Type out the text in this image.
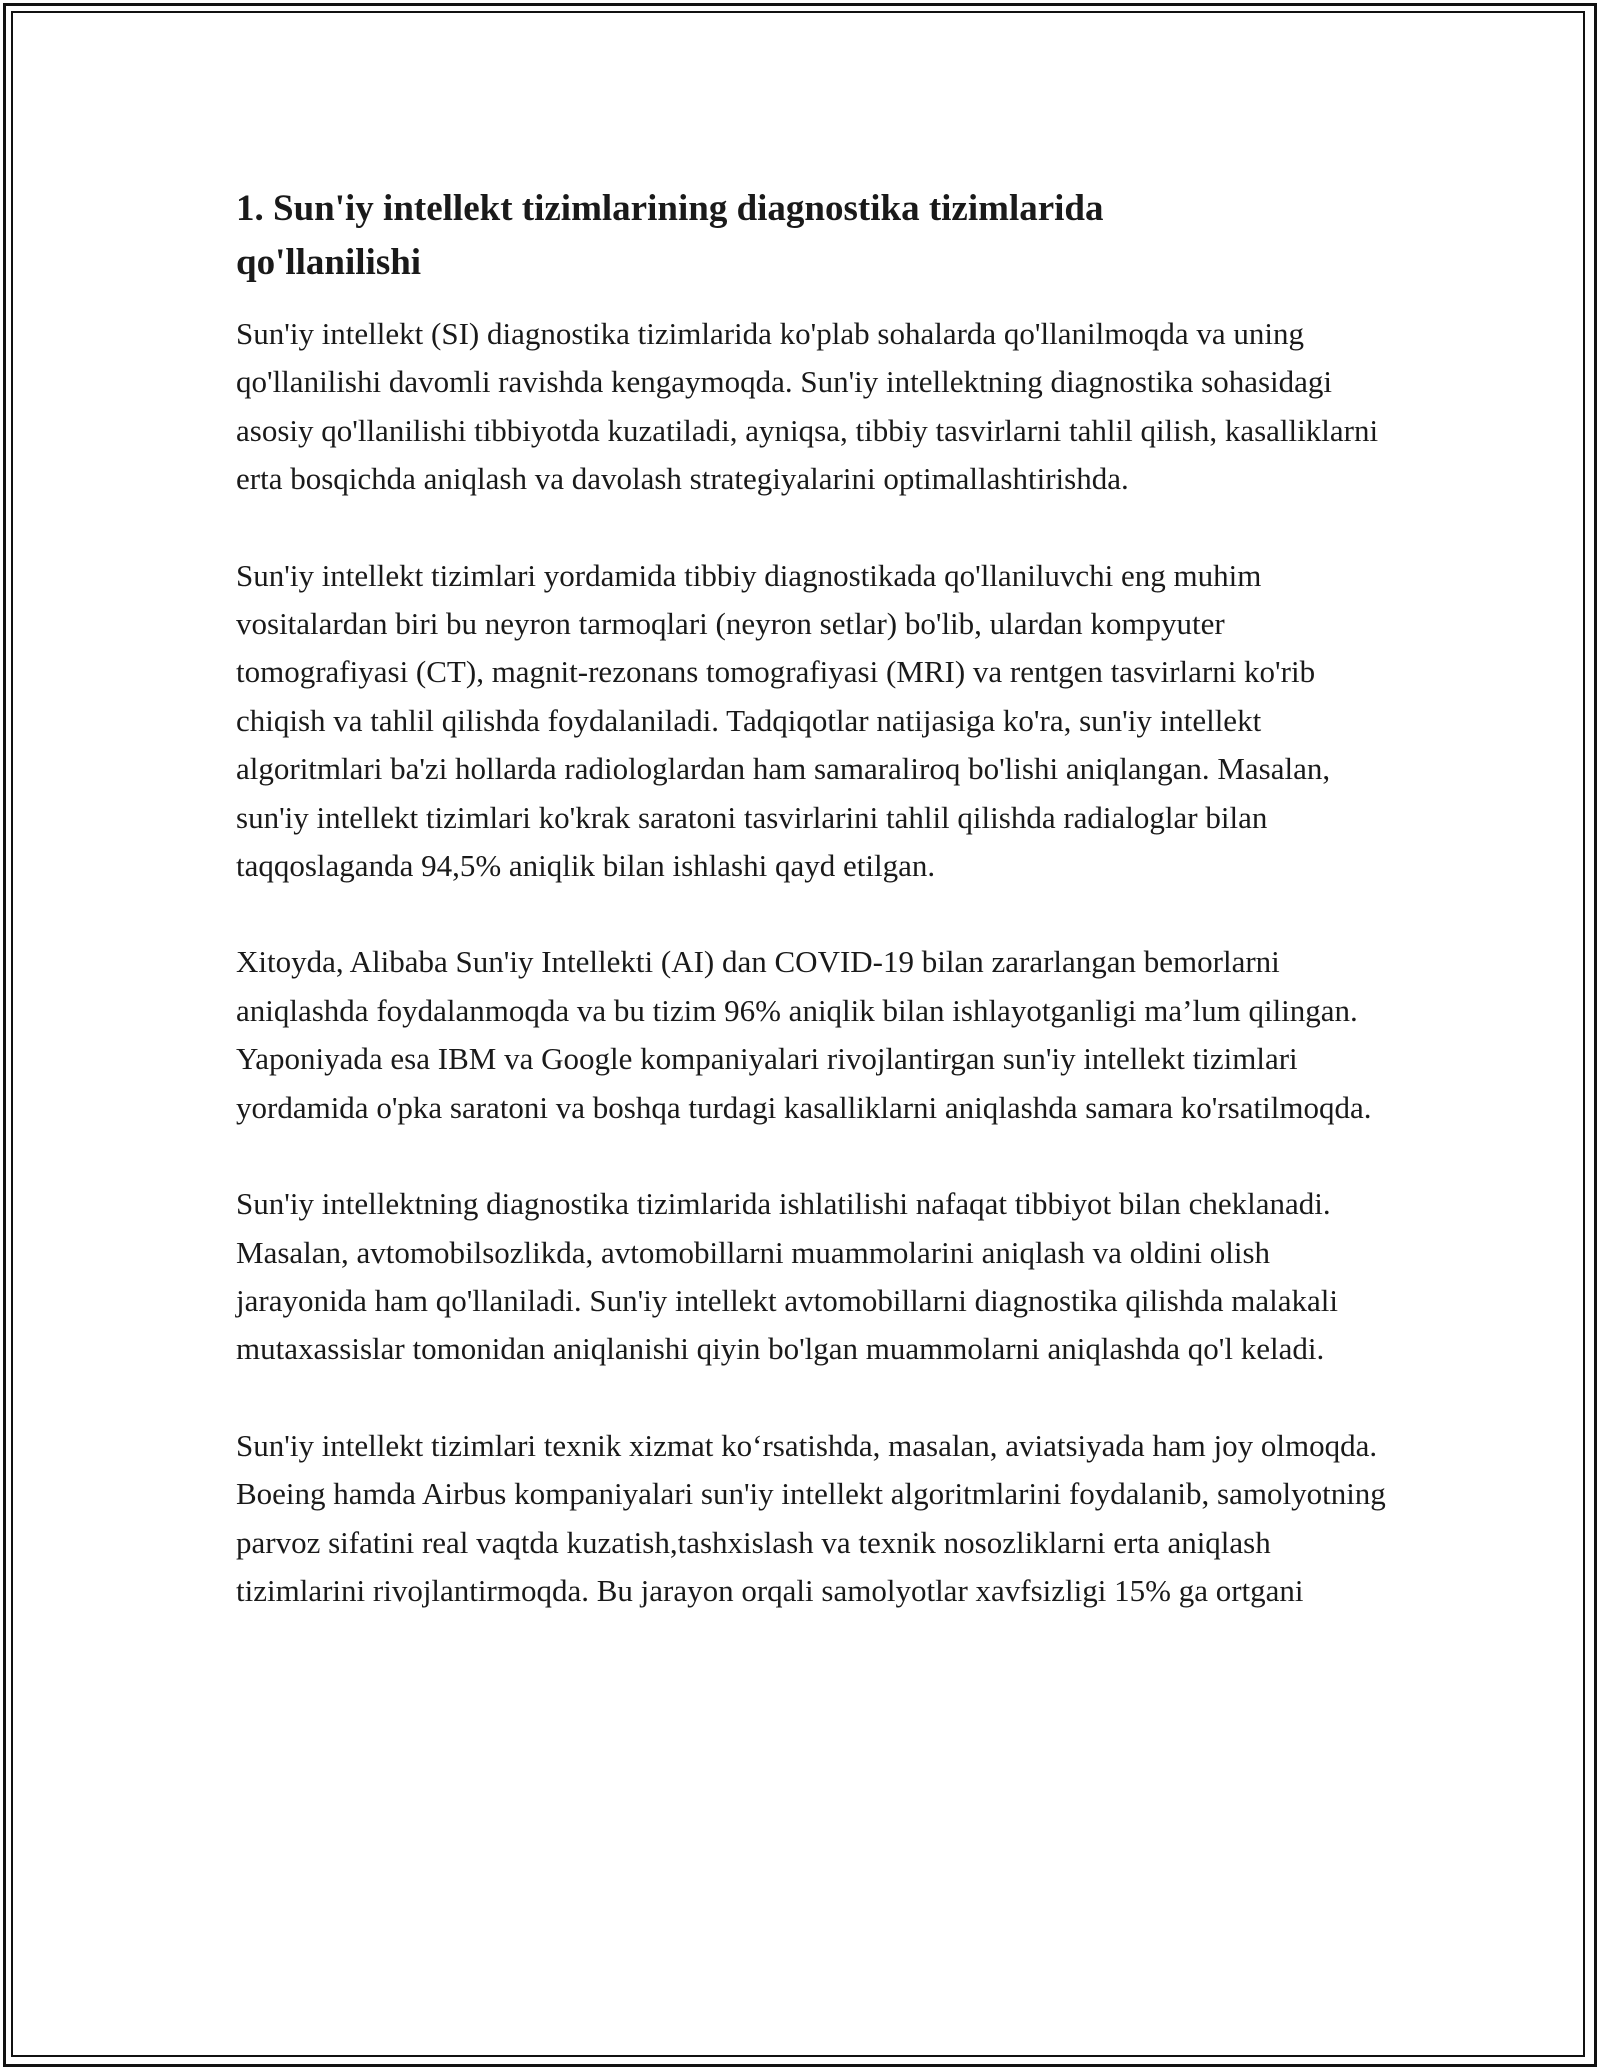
1. Sun'iy intellekt tizimlarining diagnostika tizimlarida qo'llanilishi

Sun'iy intellekt (SI) diagnostika tizimlarida ko'plab sohalarda qo'llanilmoqda va uning qo'llanilishi davomli ravishda kengaymoqda. Sun'iy intellektning diagnostika sohasidagi asosiy qo'llanilishi tibbiyotda kuzatiladi, ayniqsa, tibbiy tasvirlarni tahlil qilish, kasalliklarni erta bosqichda aniqlash va davolash strategiyalarini optimallashtirishda.

Sun'iy intellekt tizimlari yordamida tibbiy diagnostikada qo'llaniluvchi eng muhim vositalardan biri bu neyron tarmoqlari (neyron setlar) bo'lib, ulardan kompyuter tomografiyasi (CT), magnit-rezonans tomografiyasi (MRI) va rentgen tasvirlarni ko'rib chiqish va tahlil qilishda foydalaniladi. Tadqiqotlar natijasiga ko'ra, sun'iy intellekt algoritmlari ba'zi hollarda radiologlardan ham samaraliroq bo'lishi aniqlangan. Masalan, sun'iy intellekt tizimlari ko'krak saratoni tasvirlarini tahlil qilishda radialoglar bilan taqqoslaganda 94,5% aniqlik bilan ishlashi qayd etilgan.

Xitoyda, Alibaba Sun'iy Intellekti (AI) dan COVID-19 bilan zararlangan bemorlarni aniqlashda foydalanmoqda va bu tizim 96% aniqlik bilan ishlayotganligi ma’lum qilingan. Yaponiyada esa IBM va Google kompaniyalari rivojlantirgan sun'iy intellekt tizimlari yordamida o'pka saratoni va boshqa turdagi kasalliklarni aniqlashda samara ko'rsatilmoqda.

Sun'iy intellektning diagnostika tizimlarida ishlatilishi nafaqat tibbiyot bilan cheklanadi. Masalan, avtomobilsozlikda, avtomobillarni muammolarini aniqlash va oldini olish jarayonida ham qo'llaniladi. Sun'iy intellekt avtomobillarni diagnostika qilishda malakali mutaxassislar tomonidan aniqlanishi qiyin bo'lgan muammolarni aniqlashda qo'l keladi.

Sun'iy intellekt tizimlari texnik xizmat ko‘rsatishda, masalan, aviatsiyada ham joy olmoqda. Boeing hamda Airbus kompaniyalari sun'iy intellekt algoritmlarini foydalanib, samolyotning parvoz sifatini real vaqtda kuzatish,tashxislash va texnik nosozliklarni erta aniqlash tizimlarini rivojlantirmoqda. Bu jarayon orqali samolyotlar xavfsizligi 15% ga ortgani
